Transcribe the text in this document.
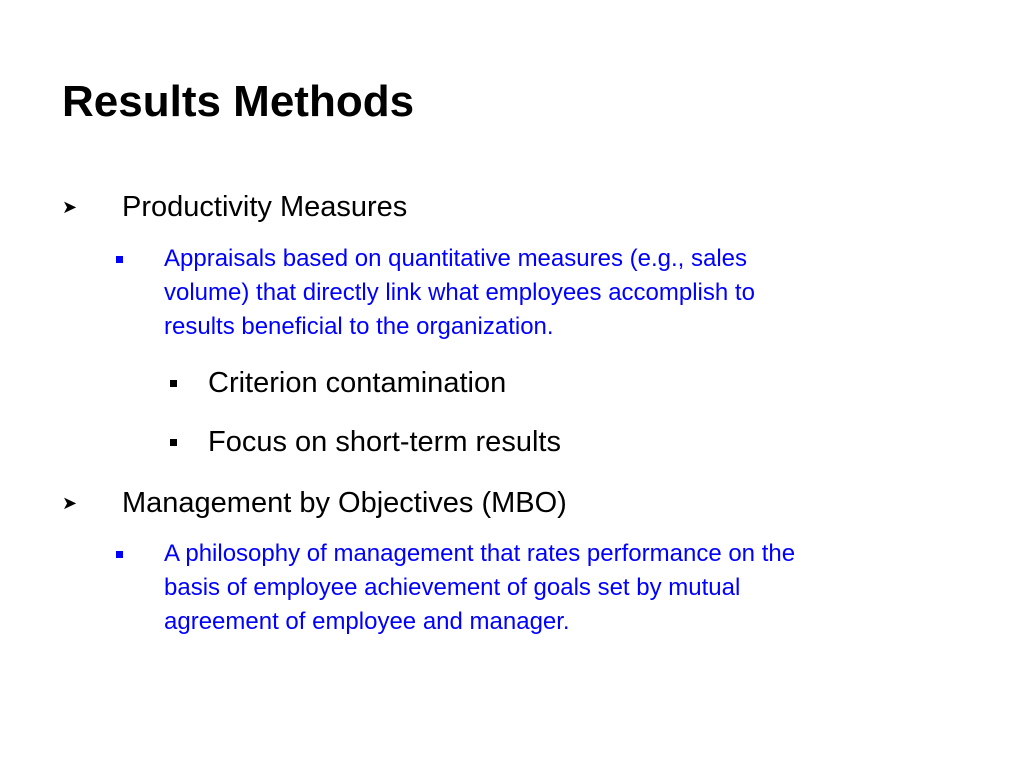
Results Methods
➤ Productivity Measures
Appraisals based on quantitative measures (e.g., sales
volume) that directly link what employees accomplish to
results beneficial to the organization.
Criterion contamination
Focus on short-term results
➤ Management by Objectives (MBO)
A philosophy of management that rates performance on the
basis of employee achievement of goals set by mutual
agreement of employee and manager.
